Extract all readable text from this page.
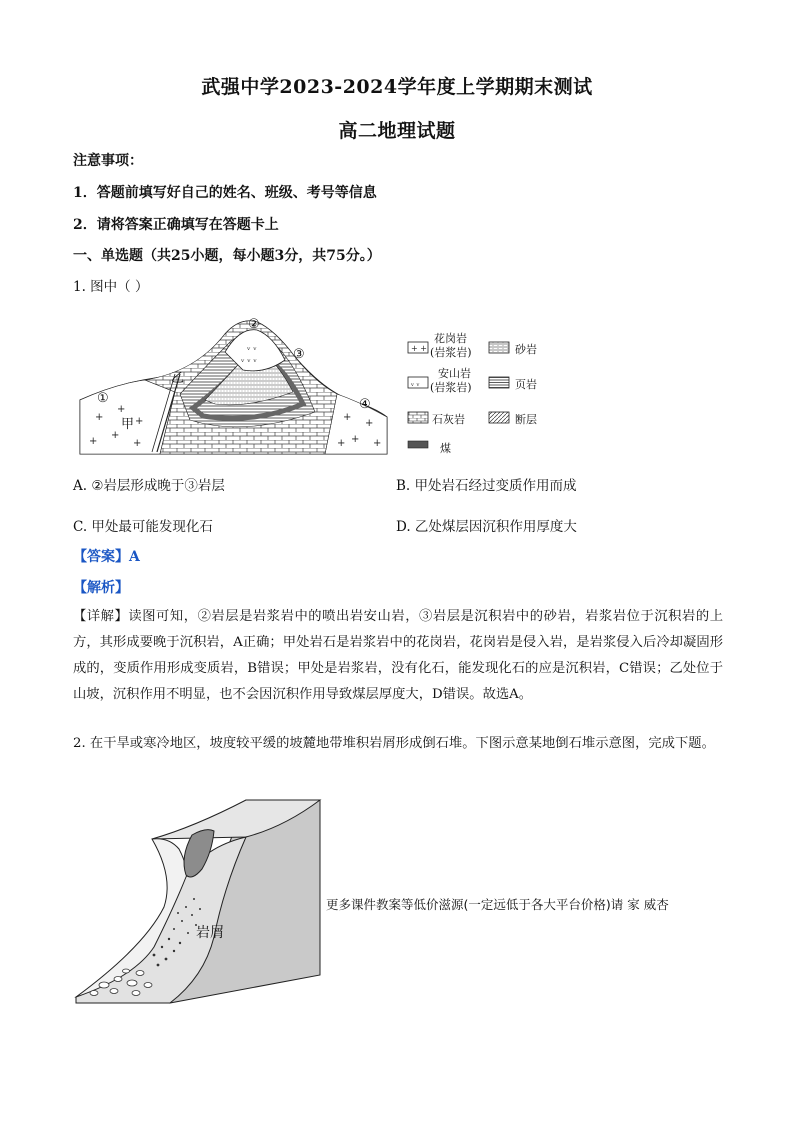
武强中学2023-2024学年度上学期期末测试
高二地理试题
注意事项：
1．答题前填写好自己的姓名、班级、考号等信息
2．请将答案正确填写在答题卡上
一、单选题（共25小题，每小题3分，共75分。）
1. 图中（ ）
ᵥ ᵥ
ᵥ ᵥ ᵥ
+
+
+
+
+
+
+
+
+ +
+
甲
乙
①
②
③
④
+ +
ᵥ ᵥ
花岗岩
(岩浆岩)	砂岩
安山岩
(岩浆岩)	页岩
石灰岩	断层
煤
A. ②岩层形成晚于③岩层	B. 甲处岩石经过变质作用而成
C. 甲处最可能发现化石	D. 乙处煤层因沉积作用厚度大
【答案】A
【解析】
【详解】读图可知，②岩层是岩浆岩中的喷出岩安山岩，③岩层是沉积岩中的砂岩，岩浆岩位于沉积岩的上方，其形成要晚于沉积岩，A正确；甲处岩石是岩浆岩中的花岗岩，花岗岩是侵入岩，是岩浆侵入后冷却凝固形成的，变质作用形成变质岩，B错误；甲处是岩浆岩，没有化石，能发现化石的应是沉积岩，C错误；乙处位于山坡，沉积作用不明显，也不会因沉积作用导致煤层厚度大，D错误。故选A。
2. 在干旱或寒冷地区，坡度较平缓的坡麓地带堆积岩屑形成倒石堆。下图示意某地倒石堆示意图，完成下题。
岩屑
更多课件教案等低价滋源(一定远低于各大平台价格)请 家 威杏
